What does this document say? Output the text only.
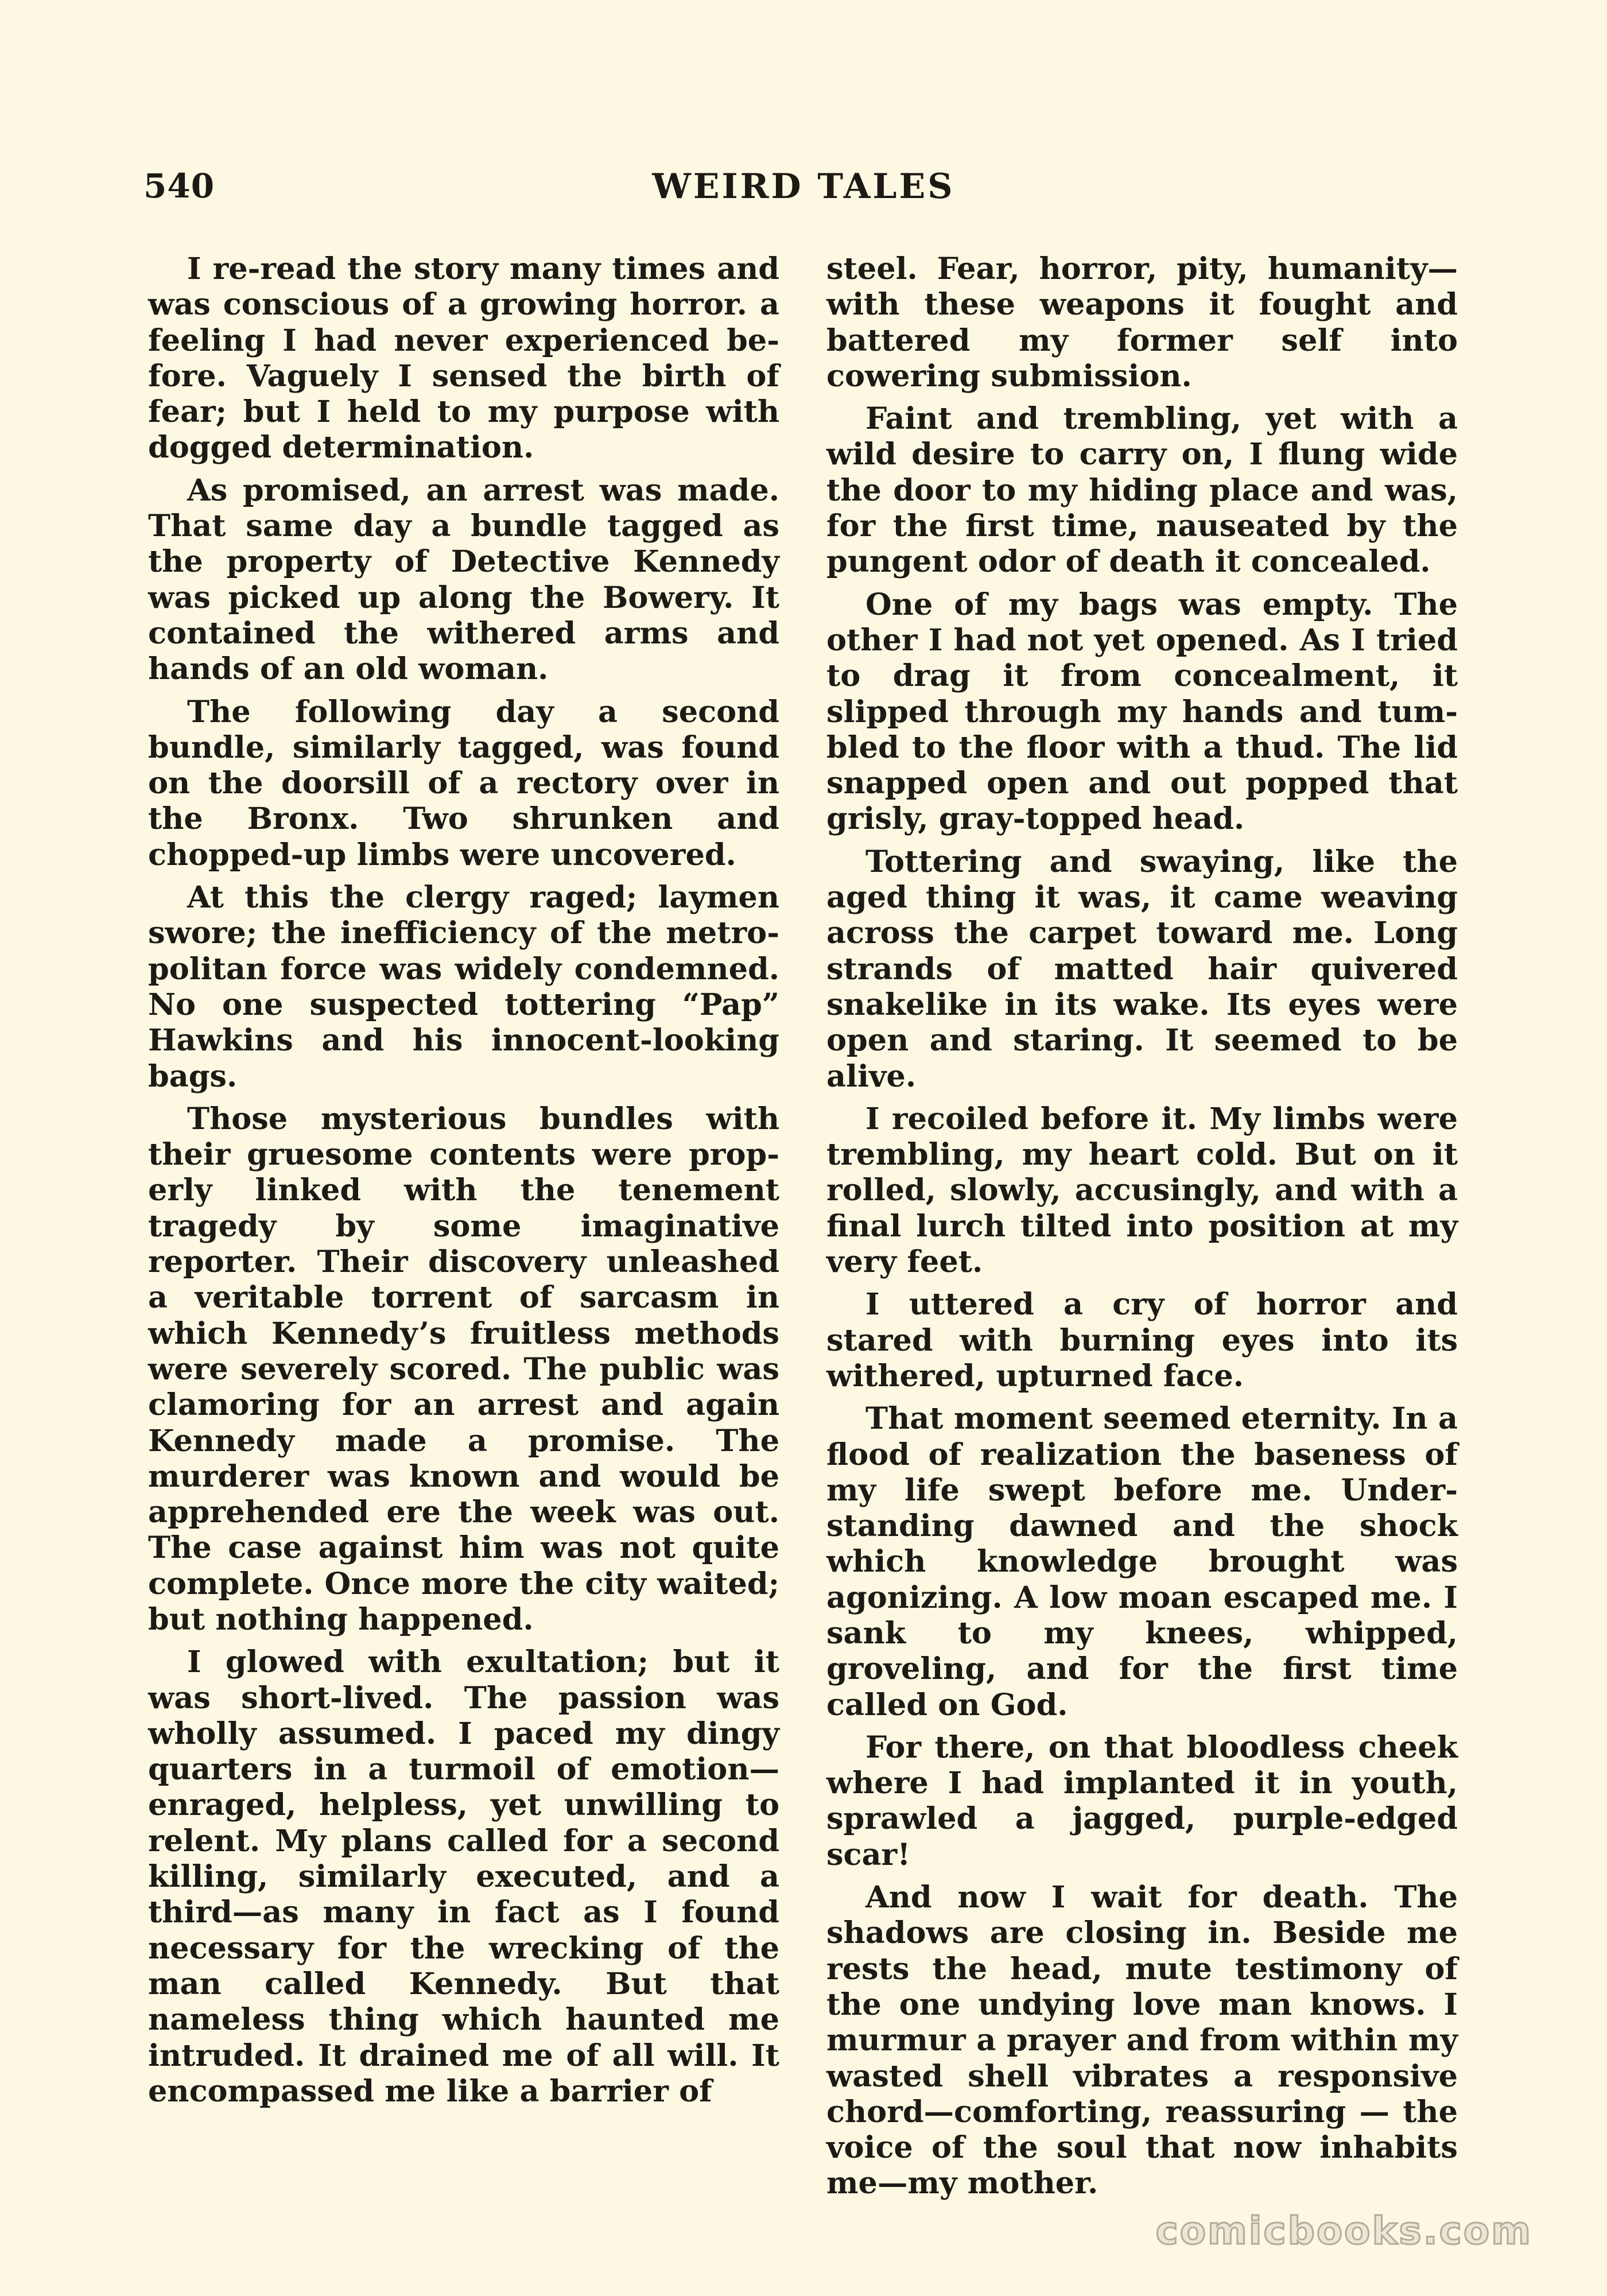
540	WEIRD TALES

I re-read the story many times and was conscious of a growing horror. a feeling I had never experienced before. Vaguely I sensed the birth of fear; but I held to my purpose with dogged determination.

As promised, an arrest was made. That same day a bundle tagged as the property of Detective Kennedy was picked up along the Bowery. It contained the withered arms and hands of an old woman.

The following day a second bundle, similarly tagged, was found on the doorsill of a rectory over in the Bronx. Two shrunken and chopped-up limbs were uncovered.

At this the clergy raged; laymen swore; the inefficiency of the metropolitan force was widely condemned. No one suspected tottering “Pap” Hawkins and his innocent-looking bags.

Those mysterious bundles with their gruesome contents were properly linked with the tenement tragedy by some imaginative reporter. Their discovery unleashed a veritable torrent of sarcasm in which Kennedy’s fruitless methods were severely scored. The public was clamoring for an arrest and again Kennedy made a promise. The murderer was known and would be apprehended ere the week was out. The case against him was not quite complete. Once more the city waited; but nothing happened.

I glowed with exultation; but it was short-lived. The passion was wholly assumed. I paced my dingy quarters in a turmoil of emotion—enraged, helpless, yet unwilling to relent. My plans called for a second killing, similarly executed, and a third—as many in fact as I found necessary for the wrecking of the man called Kennedy. But that nameless thing which haunted me intruded. It drained me of all will. It encompassed me like a barrier of

steel. Fear, horror, pity, humanity—with these weapons it fought and battered my former self into cowering submission.

Faint and trembling, yet with a wild desire to carry on, I flung wide the door to my hiding place and was, for the first time, nauseated by the pungent odor of death it concealed.

One of my bags was empty. The other I had not yet opened. As I tried to drag it from concealment, it slipped through my hands and tumbled to the floor with a thud. The lid snapped open and out popped that grisly, gray-topped head.

Tottering and swaying, like the aged thing it was, it came weaving across the carpet toward me. Long strands of matted hair quivered snakelike in its wake. Its eyes were open and staring. It seemed to be alive.

I recoiled before it. My limbs were trembling, my heart cold. But on it rolled, slowly, accusingly, and with a final lurch tilted into position at my very feet.

I uttered a cry of horror and stared with burning eyes into its withered, upturned face.

That moment seemed eternity. In a flood of realization the baseness of my life swept before me. Understanding dawned and the shock which knowledge brought was agonizing. A low moan escaped me. I sank to my knees, whipped, groveling, and for the first time called on God.

For there, on that bloodless cheek where I had implanted it in youth, sprawled a jagged, purple-edged scar!

And now I wait for death. The shadows are closing in. Beside me rests the head, mute testimony of the one undying love man knows. I murmur a prayer and from within my wasted shell vibrates a responsive chord—comforting, reassuring — the voice of the soul that now inhabits me—my mother.

comicbooks.com
